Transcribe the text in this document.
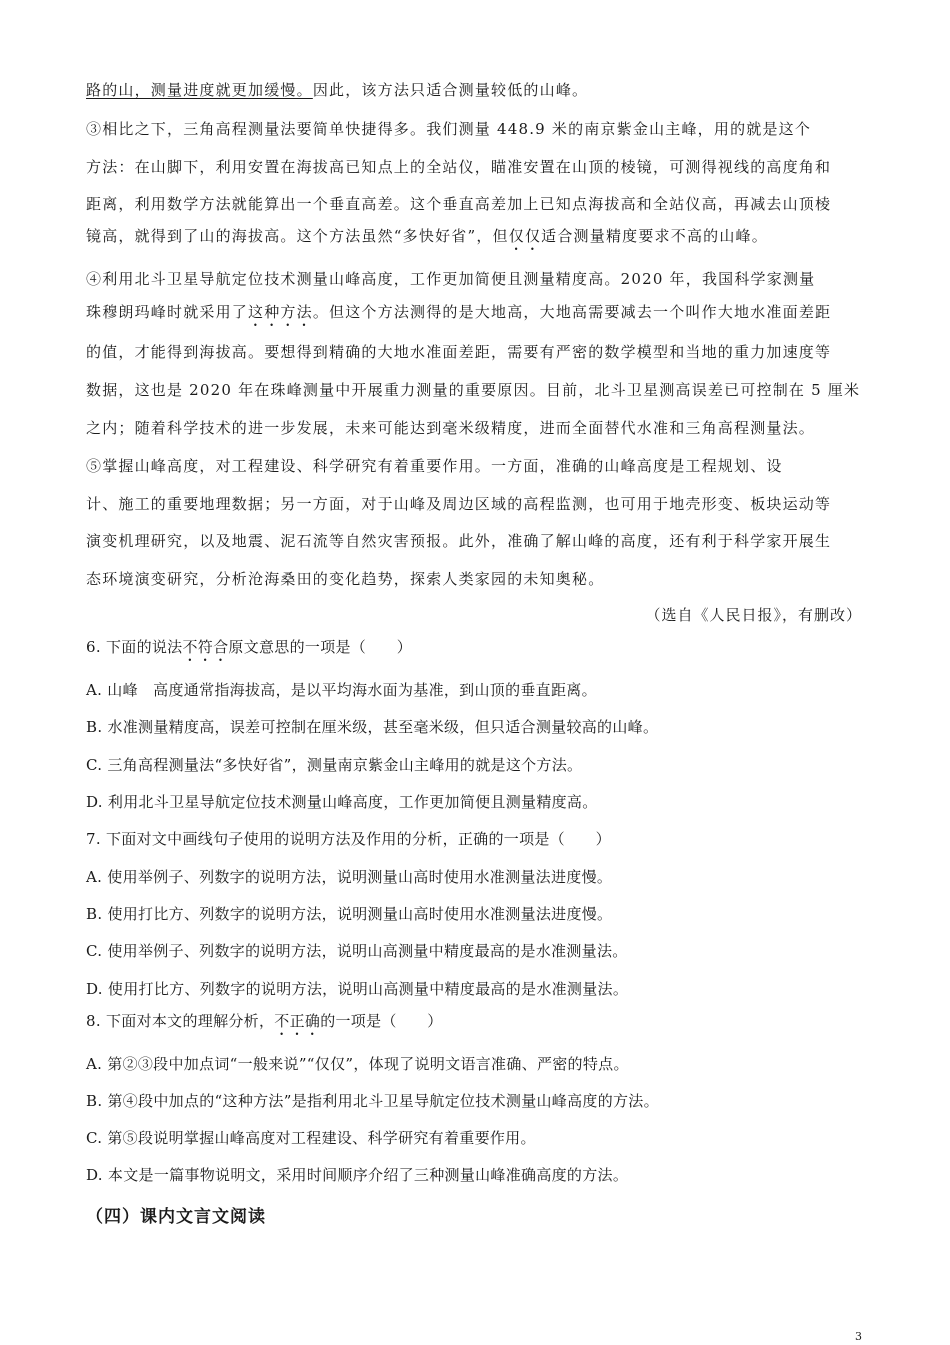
路的山，测量进度就更加缓慢。因此，该方法只适合测量较低的山峰。
③相比之下，三角高程测量法要简单快捷得多。我们测量 448.9 米的南京紫金山主峰，用的就是这个
方法：在山脚下，利用安置在海拔高已知点上的全站仪，瞄准安置在山顶的棱镜，可测得视线的高度角和
距离，利用数学方法就能算出一个垂直高差。这个垂直高差加上已知点海拔高和全站仪高，再减去山顶棱
镜高，就得到了山的海拔高。这个方法虽然“多快好省”，但仅仅适合测量精度要求不高的山峰。
④利用北斗卫星导航定位技术测量山峰高度，工作更加简便且测量精度高。2020 年，我国科学家测量
珠穆朗玛峰时就采用了这种方法。但这个方法测得的是大地高，大地高需要减去一个叫作大地水准面差距
的值，才能得到海拔高。要想得到精确的大地水准面差距，需要有严密的数学模型和当地的重力加速度等
数据，这也是 2020 年在珠峰测量中开展重力测量的重要原因。目前，北斗卫星测高误差已可控制在 5 厘米
之内；随着科学技术的进一步发展，未来可能达到毫米级精度，进而全面替代水准和三角高程测量法。
⑤掌握山峰高度，对工程建设、科学研究有着重要作用。一方面，准确的山峰高度是工程规划、设
计、施工的重要地理数据；另一方面，对于山峰及周边区域的高程监测，也可用于地壳形变、板块运动等
演变机理研究，以及地震、泥石流等自然灾害预报。此外，准确了解山峰的高度，还有利于科学家开展生
态环境演变研究，分析沧海桑田的变化趋势，探索人类家园的未知奥秘。
（选自《人民日报》，有删改）
6. 下面的说法不符合原文意思的一项是（　　）
A. 山峰　高度通常指海拔高，是以平均海水面为基准，到山顶的垂直距离。
B. 水准测量精度高，误差可控制在厘米级，甚至毫米级，但只适合测量较高的山峰。
C. 三角高程测量法“多快好省”，测量南京紫金山主峰用的就是这个方法。
D. 利用北斗卫星导航定位技术测量山峰高度，工作更加简便且测量精度高。
7. 下面对文中画线句子使用的说明方法及作用的分析，正确的一项是（　　）
A. 使用举例子、列数字的说明方法，说明测量山高时使用水准测量法进度慢。
B. 使用打比方、列数字的说明方法，说明测量山高时使用水准测量法进度慢。
C. 使用举例子、列数字的说明方法，说明山高测量中精度最高的是水准测量法。
D. 使用打比方、列数字的说明方法，说明山高测量中精度最高的是水准测量法。
8. 下面对本文的理解分析，不正确的一项是（　　）
A. 第②③段中加点词“一般来说”“仅仅”，体现了说明文语言准确、严密的特点。
B. 第④段中加点的“这种方法”是指利用北斗卫星导航定位技术测量山峰高度的方法。
C. 第⑤段说明掌握山峰高度对工程建设、科学研究有着重要作用。
D. 本文是一篇事物说明文，采用时间顺序介绍了三种测量山峰准确高度的方法。
（四）课内文言文阅读
3
